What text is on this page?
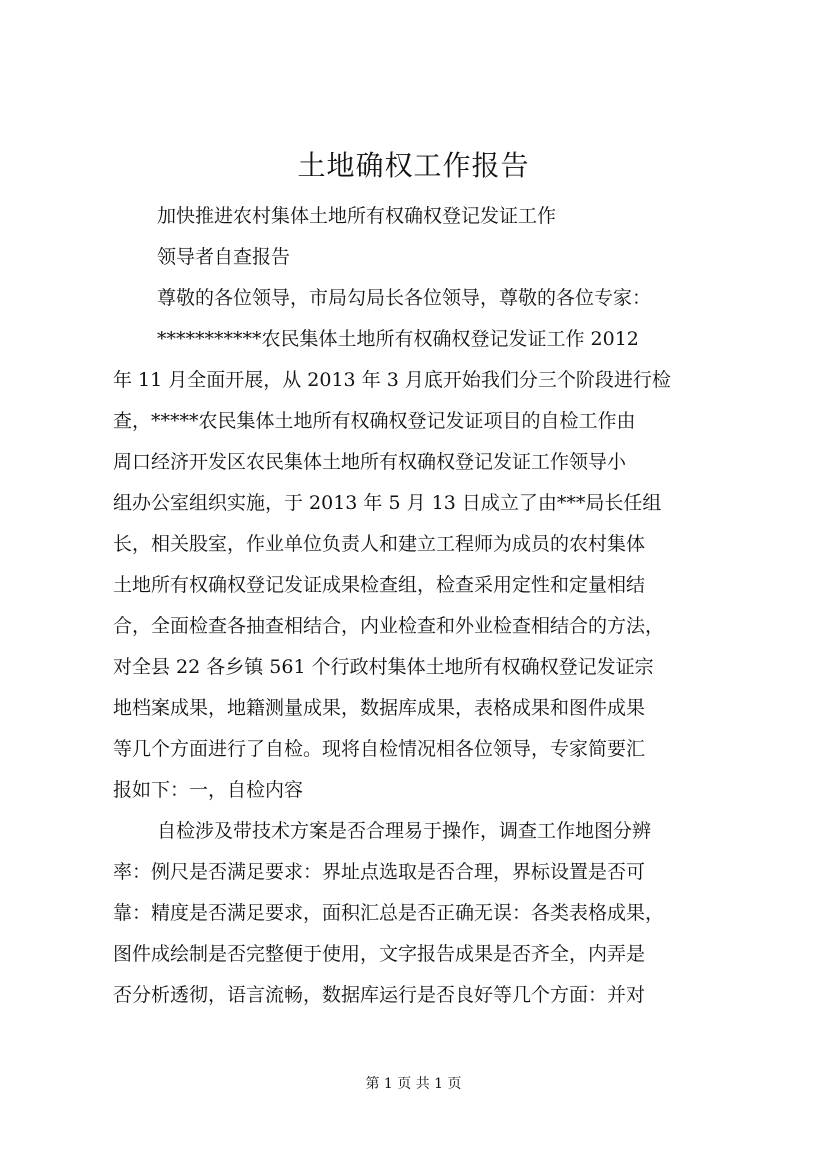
土地确权工作报告
加快推进农村集体土地所有权确权登记发证工作
领导者自查报告
尊敬的各位领导，市局勾局长各位领导，尊敬的各位专家：
***********农民集体土地所有权确权登记发证工作 2012
年 11 月全面开展，从 2013 年 3 月底开始我们分三个阶段进行检
查，*****农民集体土地所有权确权登记发证项目的自检工作由
周口经济开发区农民集体土地所有权确权登记发证工作领导小
组办公室组织实施，于 2013 年 5 月 13 日成立了由***局长任组
长，相关股室，作业单位负责人和建立工程师为成员的农村集体
土地所有权确权登记发证成果检查组，检查采用定性和定量相结
合，全面检查各抽查相结合，内业检查和外业检查相结合的方法，
对全县 22 各乡镇 561 个行政村集体土地所有权确权登记发证宗
地档案成果，地籍测量成果，数据库成果，表格成果和图件成果
等几个方面进行了自检。现将自检情况相各位领导，专家简要汇
报如下：一，自检内容
自检涉及带技术方案是否合理易于操作，调查工作地图分辨
率：例尺是否满足要求：界址点选取是否合理，界标设置是否可
靠：精度是否满足要求，面积汇总是否正确无误：各类表格成果，
图件成绘制是否完整便于使用，文字报告成果是否齐全，内弄是
否分析透彻，语言流畅，数据库运行是否良好等几个方面：并对
第 1 页 共 1 页
